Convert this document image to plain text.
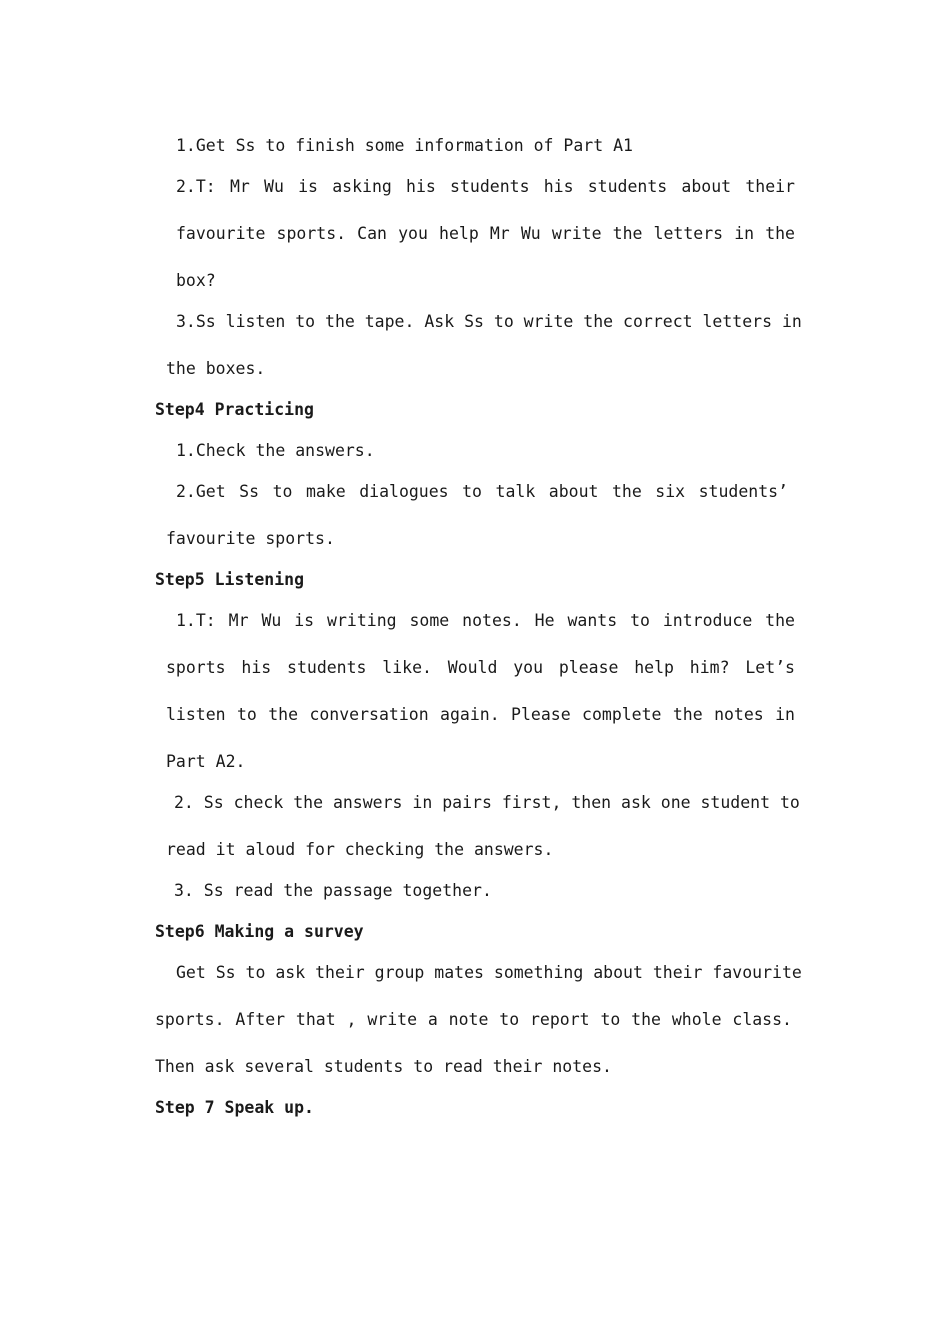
1.Get Ss to finish some information of Part A1

2.T: Mr Wu is asking his students his students about their

favourite sports. Can you help Mr Wu write the letters in the

box?

3.Ss listen to the tape. Ask Ss to write the correct letters in

the boxes.

Step4 Practicing

1.Check the answers.

2.Get Ss to make dialogues to talk about the six students’

favourite sports.

Step5 Listening

1.T: Mr Wu is writing some notes. He wants to introduce the

sports his students like. Would you please help him? Let’s

listen to the conversation again. Please complete the notes in

Part A2.

2. Ss check the answers in pairs first, then ask one student to

read it aloud for checking the answers.

3. Ss read the passage together.

Step6 Making a survey

Get Ss to ask their group mates something about their favourite

sports. After that , write a note to report to the whole class.

Then ask several students to read their notes.

Step 7 Speak up.
